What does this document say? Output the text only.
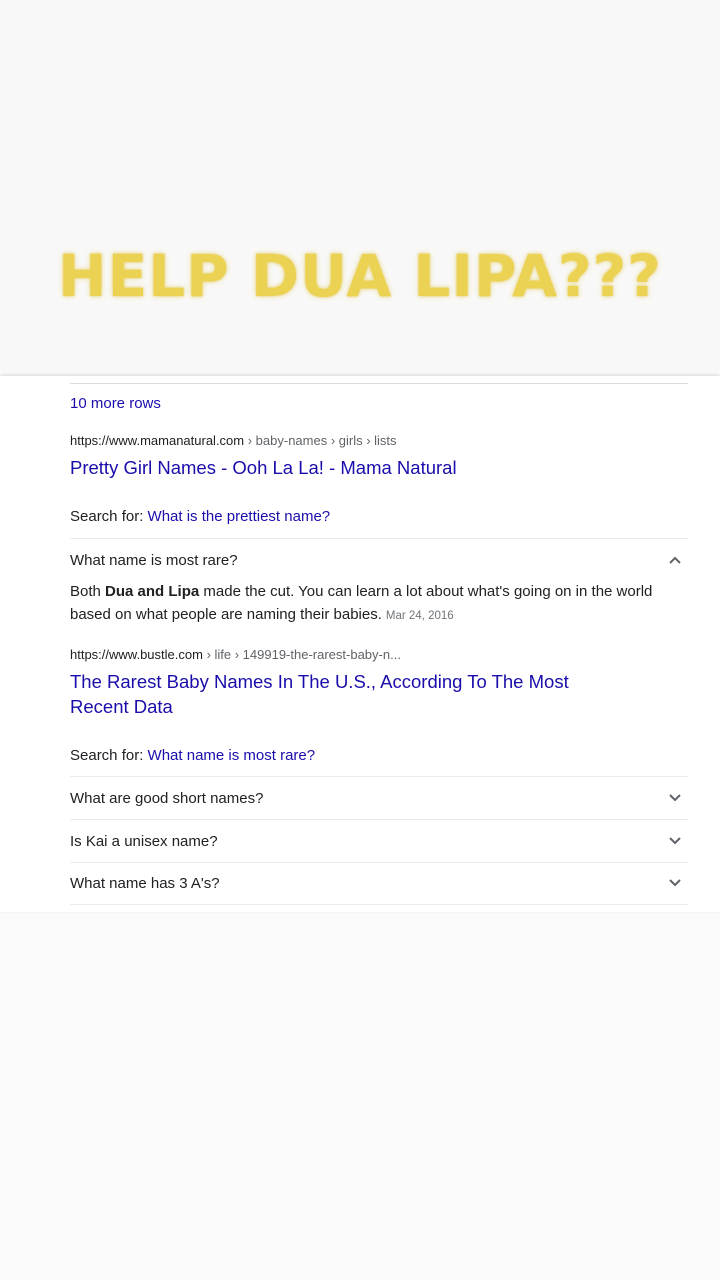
HELP DUA LIPA???
10 more rows
https://www.mamanatural.com › baby-names › girls › lists
Pretty Girl Names - Ooh La La! - Mama Natural
Search for: What is the prettiest name?
What name is most rare?
Both Dua and Lipa made the cut. You can learn a lot about what's going on in the world based on what people are naming their babies. Mar 24, 2016
https://www.bustle.com › life › 149919-the-rarest-baby-n...
The Rarest Baby Names In The U.S., According To The Most
Recent Data
Search for: What name is most rare?
What are good short names?
Is Kai a unisex name?
What name has 3 A's?
